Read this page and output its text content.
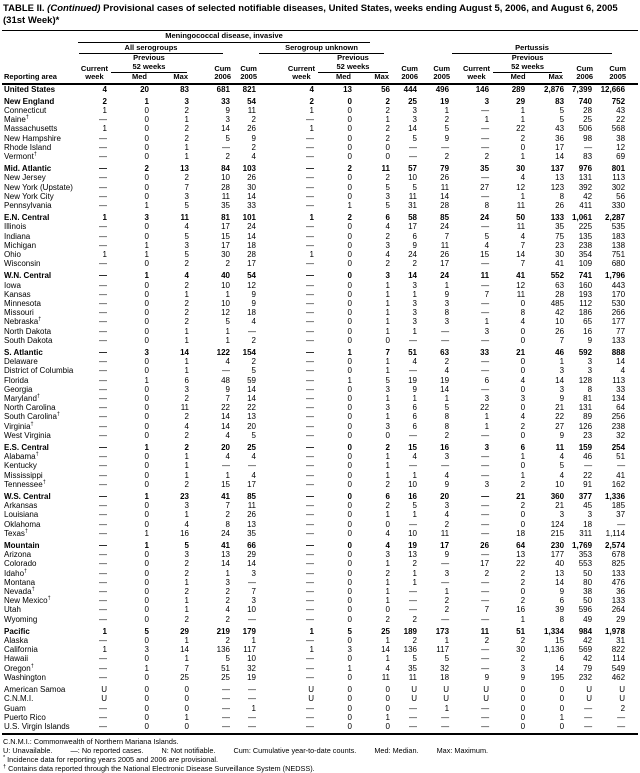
TABLE II. (Continued) Provisional cases of selected notifiable diseases, United States, weeks ending August 5, 2006, and August 6, 2005
(31st Week)*

	Meningococcal disease, invasive															

	All serogroups					Serogroup unknown					Pertussis					

Reporting area	
Current
week

Previous
52 weeks
Med	Max

Cum
2006

Cum
2005

Current
week

Previous
52 weeks
Med	Max

Cum
2006

Cum
2005

Current
week

Previous
52 weeks
Med	Max

Cum
2006

Cum
2005

United States	4	20	83	681	821	4	13	56	444	496	146	289	2,876	7,399	12,666	
New England	2	1	3	33	54	2	0	2	25	19	3	29	83	740	752	
Connecticut	1	0	2	9	11	1	0	2	3	1	—	1	5	28	43	
Maine†	—	0	1	3	2	—	0	1	3	2	1	1	5	25	22	
Massachusetts	1	0	2	14	26	1	0	2	14	5	—	22	43	506	568	
New Hampshire	—	0	2	5	9	—	0	2	5	9	—	2	36	98	38	
Rhode Island	—	0	1	—	2	—	0	0	—	—	—	0	17	—	12	
Vermont†	—	0	1	2	4	—	0	0	—	2	2	1	14	83	69	
Mid. Atlantic	—	2	13	84	103	—	2	11	57	79	35	30	137	976	801	
New Jersey	—	0	2	10	26	—	0	2	10	26	—	4	13	131	113	
New York (Upstate)	—	0	7	28	30	—	0	5	5	11	27	12	123	392	302	
New York City	—	0	3	11	14	—	0	3	11	14	—	1	8	42	56	
Pennsylvania	—	1	5	35	33	—	1	5	31	28	8	11	26	411	330	
E.N. Central	1	3	11	81	101	1	2	6	58	85	24	50	133	1,061	2,287	
Illinois	—	0	4	17	24	—	0	4	17	24	—	11	35	225	535	
Indiana	—	0	5	15	14	—	0	2	6	7	5	4	75	135	183	
Michigan	—	1	3	17	18	—	0	3	9	11	4	7	23	238	138	
Ohio	1	1	5	30	28	1	0	4	24	26	15	14	30	354	751	
Wisconsin	—	0	2	2	17	—	0	2	2	17	—	7	41	109	680	
W.N. Central	—	1	4	40	54	—	0	3	14	24	11	41	552	741	1,796	
Iowa	—	0	2	10	12	—	0	1	3	1	—	12	63	160	443	
Kansas	—	0	1	1	9	—	0	1	1	9	7	11	28	193	170	
Minnesota	—	0	2	10	9	—	0	1	3	3	—	0	485	112	530	
Missouri	—	0	2	12	18	—	0	1	3	8	—	8	42	186	266	
Nebraska†	—	0	2	5	4	—	0	1	3	3	1	4	10	65	177	
North Dakota	—	0	1	1	—	—	0	1	1	—	3	0	26	16	77	
South Dakota	—	0	1	1	2	—	0	0	—	—	—	0	7	9	133	
S. Atlantic	—	3	14	122	154	—	1	7	51	63	33	21	46	592	888	
Delaware	—	0	1	4	2	—	0	1	4	2	—	0	1	3	14	
District of Columbia	—	0	1	—	5	—	0	1	—	4	—	0	3	3	4	
Florida	—	1	6	48	59	—	1	5	19	19	6	4	14	128	113	
Georgia	—	0	3	9	14	—	0	3	9	14	—	0	3	8	33	
Maryland†	—	0	2	7	14	—	0	1	1	1	3	3	9	81	134	
North Carolina	—	0	11	22	22	—	0	3	6	5	22	0	21	131	64	
South Carolina†	—	0	2	14	13	—	0	1	6	8	1	4	22	89	256	
Virginia†	—	0	4	14	20	—	0	3	6	8	1	2	27	126	238	
West Virginia	—	0	2	4	5	—	0	0	—	2	—	0	9	23	32	
E.S. Central	—	1	2	20	25	—	0	2	15	16	3	6	11	159	254	
Alabama†	—	0	1	4	4	—	0	1	4	3	—	1	4	46	51	
Kentucky	—	0	1	—	—	—	0	1	—	—	—	0	5	—	—	
Mississippi	—	0	1	1	4	—	0	1	1	4	—	1	4	22	41	
Tennessee†	—	0	2	15	17	—	0	2	10	9	3	2	10	91	162	
W.S. Central	—	1	23	41	85	—	0	6	16	20	—	21	360	377	1,336	
Arkansas	—	0	3	7	11	—	0	2	5	3	—	2	21	45	185	
Louisiana	—	0	1	2	26	—	0	1	1	4	—	0	3	3	37	
Oklahoma	—	0	4	8	13	—	0	0	—	2	—	0	124	18	—	
Texas†	—	1	16	24	35	—	0	4	10	11	—	18	215	311	1,114	
Mountain	—	1	5	41	66	—	0	4	19	17	26	64	230	1,769	2,574	
Arizona	—	0	3	13	29	—	0	3	13	9	—	13	177	353	678	
Colorado	—	0	2	14	14	—	0	1	2	—	17	22	40	553	825	
Idaho†	—	0	2	1	3	—	0	2	1	3	2	2	13	50	133	
Montana	—	0	1	3	—	—	0	1	1	—	—	2	14	80	476	
Nevada†	—	0	2	2	7	—	0	1	—	1	—	0	9	38	36	
New Mexico†	—	0	1	2	3	—	0	1	—	2	—	2	6	50	133	
Utah	—	0	1	4	10	—	0	0	—	2	7	16	39	596	264	
Wyoming	—	0	2	2	—	—	0	2	2	—	—	1	8	49	29	
Pacific	1	5	29	219	179	1	5	25	189	173	11	51	1,334	984	1,978	
Alaska	—	0	1	2	1	—	0	1	2	1	2	2	15	42	31	
California	1	3	14	136	117	1	3	14	136	117	—	30	1,136	569	822	
Hawaii	—	0	1	5	10	—	0	1	5	5	—	2	6	42	114	
Oregon†	—	1	7	51	32	—	1	4	35	32	—	3	14	79	549	
Washington	—	0	25	25	19	—	0	11	11	18	9	9	195	232	462	
American Samoa	U	0	0	—	—	U	0	0	U	U	U	0	0	U	U	
C.N.M.I.	U	0	0	—	—	U	0	0	U	U	U	0	0	U	U	
Guam	—	0	0	—	1	—	0	0	—	1	—	0	0	—	2	
Puerto Rico	—	0	1	—	—	—	0	1	—	—	—	0	1	—	—	
U.S. Virgin Islands	—	0	0	—	—	—	0	0	—	—	—	0	0	—	—	
C.N.M.I.: Commonwealth of Northern Mariana Islands.
U: Unavailable. —: No reported cases. N: Not notifiable. Cum: Cumulative year-to-date counts. Med: Median. Max: Maximum.
* Incidence data for reporting years 2005 and 2006 are provisional.
† Contains data reported through the National Electronic Disease Surveillance System (NEDSS).
